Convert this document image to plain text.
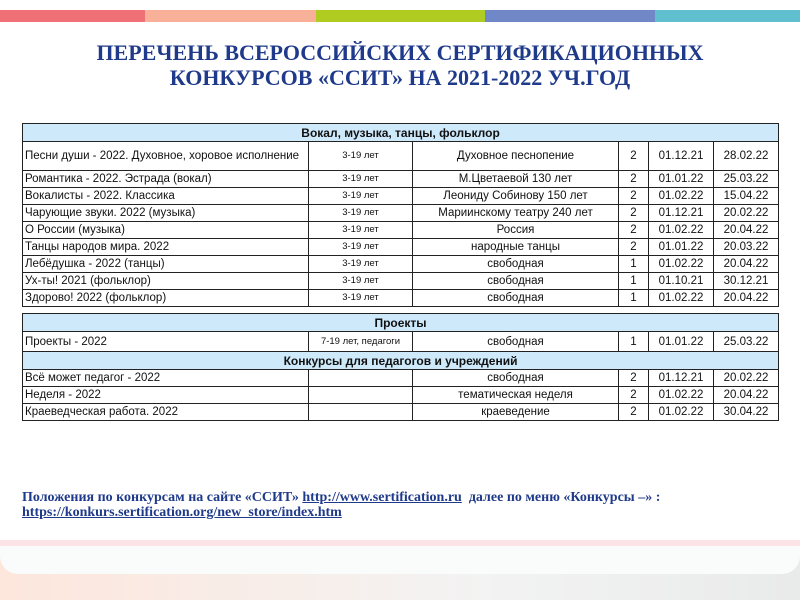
ПЕРЕЧЕНЬ ВСЕРОССИЙСКИХ СЕРТИФИКАЦИОННЫХ
КОНКУРСОВ «ССИТ» НА 2021-2022 УЧ.ГОД
Вокал, музыка, танцы, фольклор					
Песни души - 2022. Духовное, хоровое исполнение	3-19 лет	Духовное песнопение	2	01.12.21	28.02.22
Романтика - 2022. Эстрада (вокал)	3-19 лет	М.Цветаевой 130 лет	2	01.01.22	25.03.22
Вокалисты - 2022. Классика	3-19 лет	Леониду Собинову 150 лет	2	01.02.22	15.04.22
Чарующие звуки. 2022 (музыка)	3-19 лет	Мариинскому театру 240 лет	2	01.12.21	20.02.22
О России (музыка)	3-19 лет	Россия	2	01.02.22	20.04.22
Танцы народов мира. 2022	3-19 лет	народные танцы	2	01.01.22	20.03.22
Лебёдушка - 2022 (танцы)	3-19 лет	свободная	1	01.02.22	20.04.22
Ух-ты! 2021 (фольклор)	3-19 лет	свободная	1	01.10.21	30.12.21
Здорово! 2022 (фольклор)	3-19 лет	свободная	1	01.02.22	20.04.22
Проекты
Проекты - 2022	7-19 лет, педагоги	свободная	1	01.01.22	25.03.22
Конкурсы для педагогов и учреждений					
Всё может педагог - 2022		свободная	2	01.12.21	20.02.22
Неделя - 2022		тематическая неделя	2	01.02.22	20.04.22
Краеведческая работа. 2022		краеведение	2	01.02.22	30.04.22
Положения по конкурсам на сайте «ССИТ» http://www.sertification.ru далее по меню «Конкурсы –» :
https://konkurs.sertification.org/new_store/index.htm
